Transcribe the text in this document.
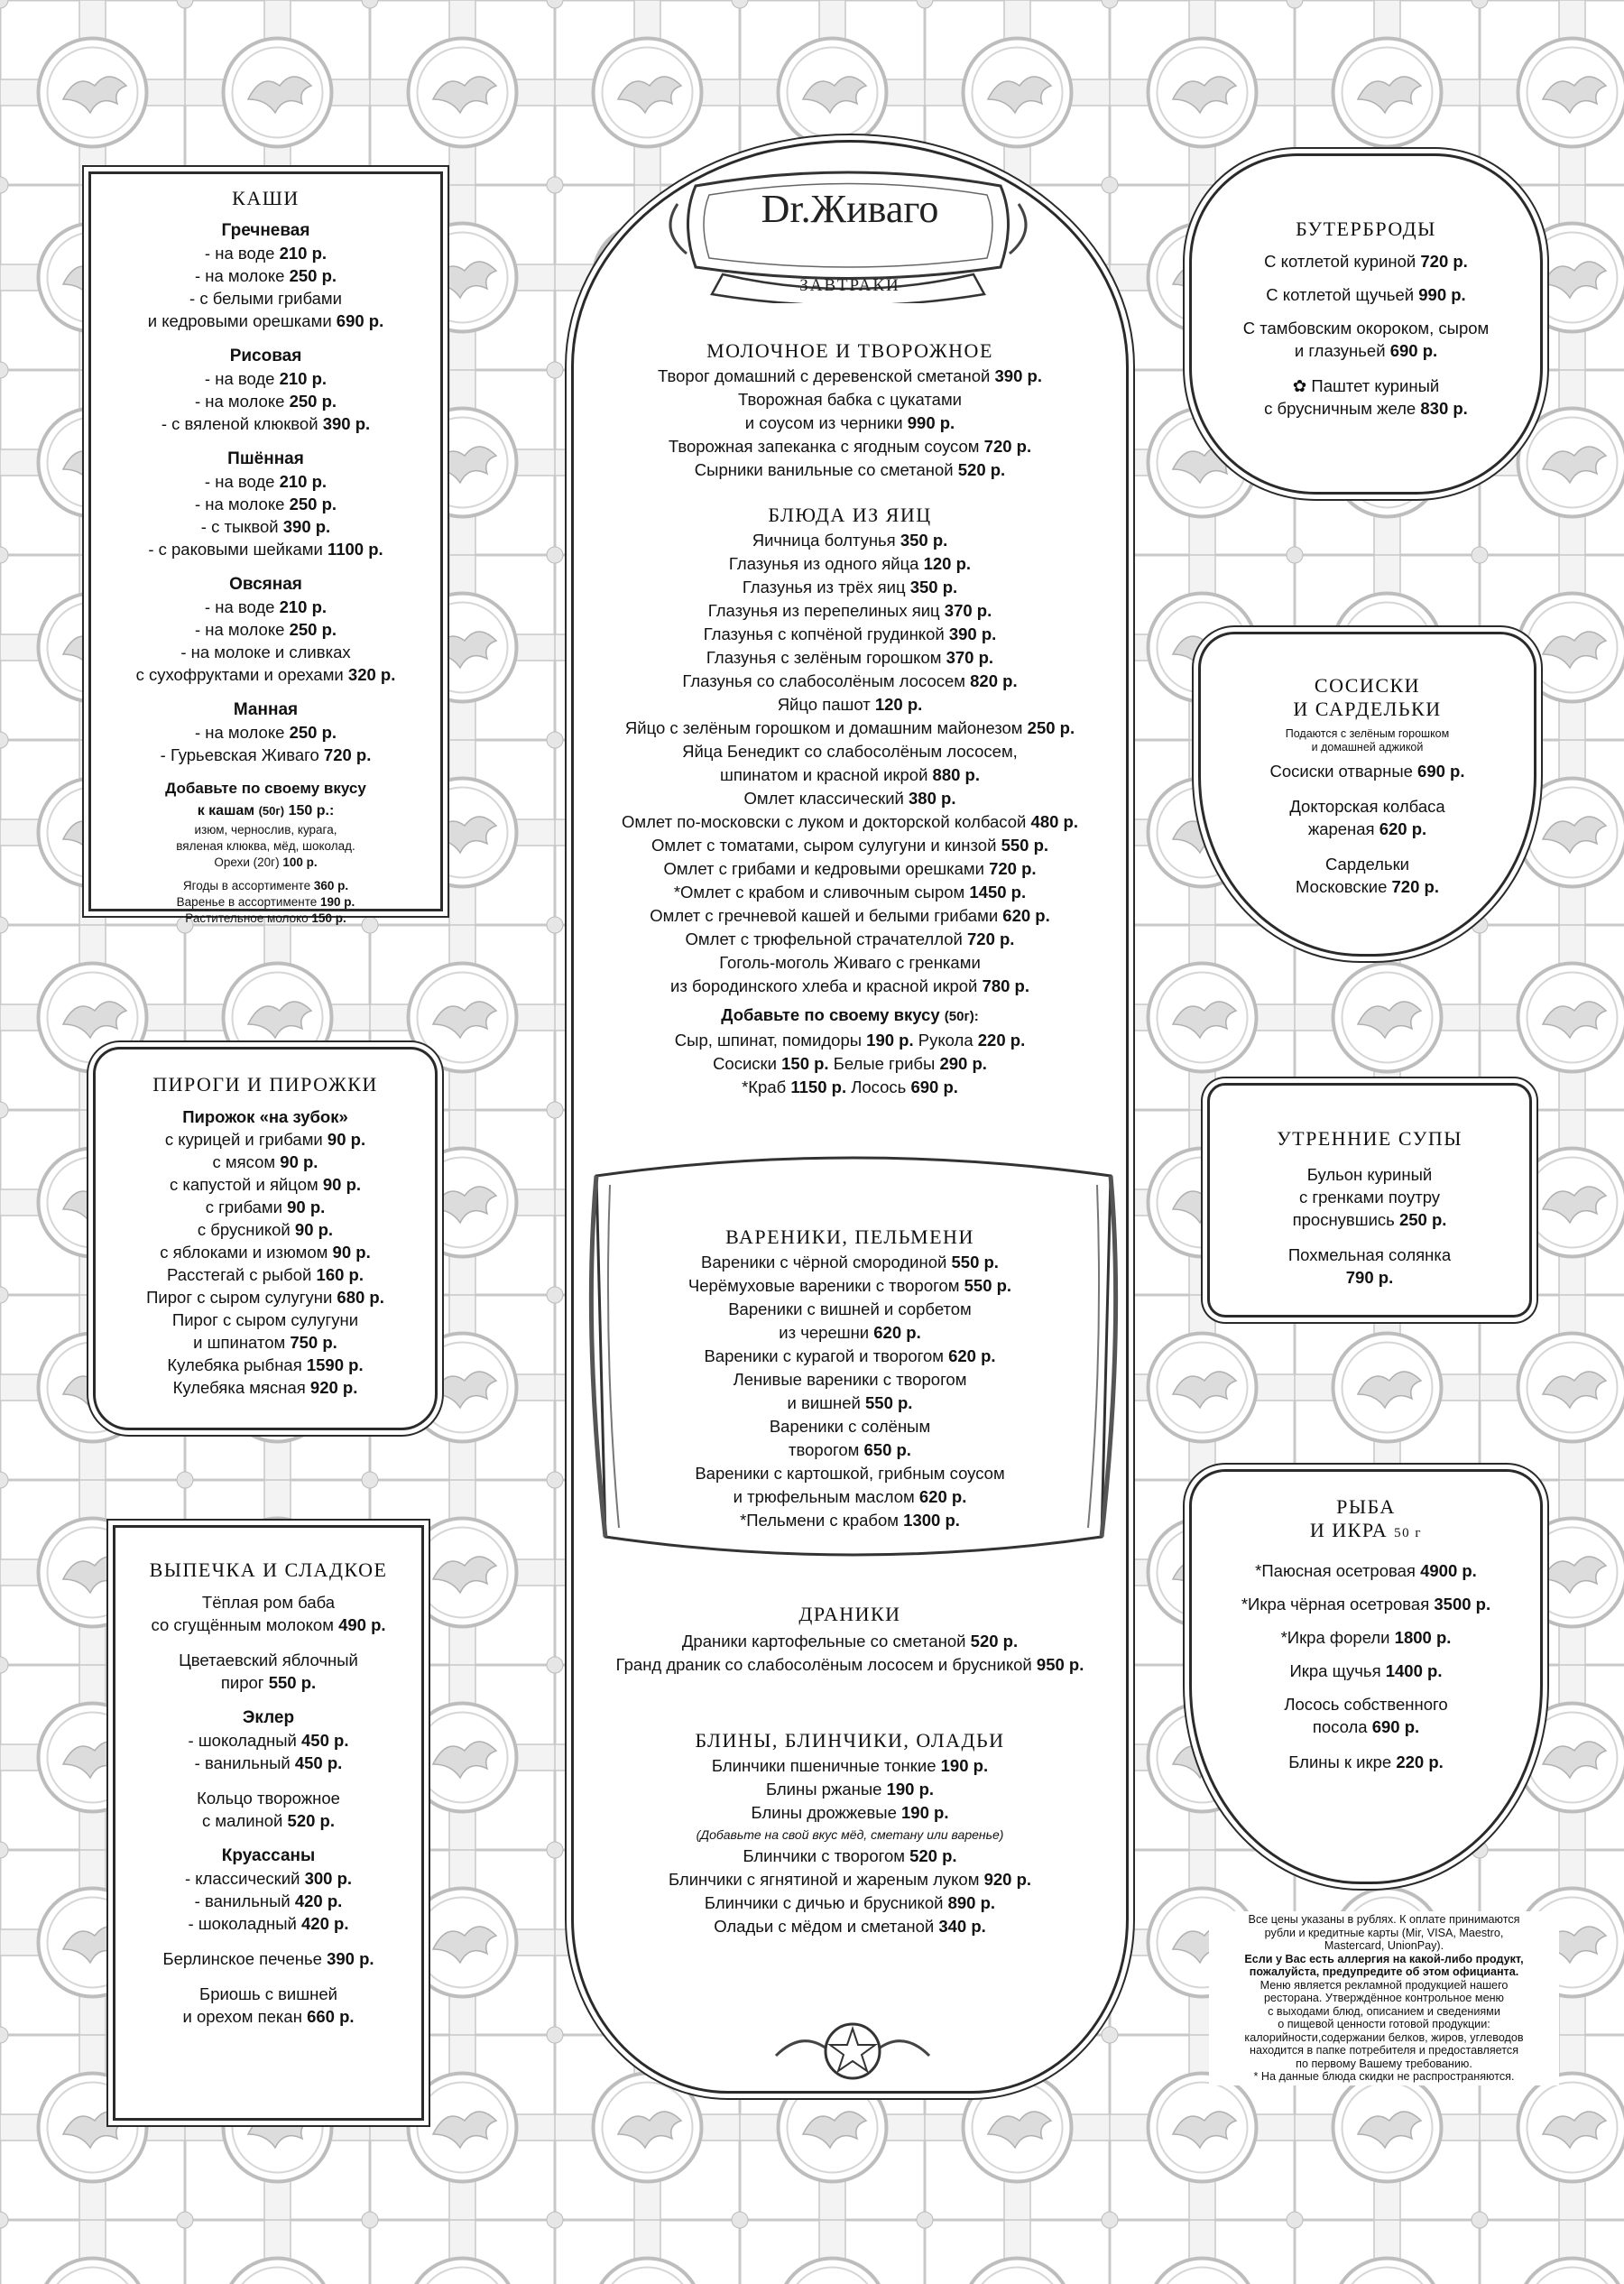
КАШИ
Гречневая
- на воде 210 р.
- на молоке 250 р.
- с белыми грибами
и кедровыми орешками 690 р.
Рисовая
- на воде 210 р.
- на молоке 250 р.
- с вяленой клюквой 390 р.
Пшённая
- на воде 210 р.
- на молоке 250 р.
- с тыквой 390 р.
- с раковыми шейками 1100 р.
Овсяная
- на воде 210 р.
- на молоке 250 р.
- на молоке и сливках
с сухофруктами и орехами 320 р.
Манная
- на молоке 250 р.
- Гурьевская Живаго 720 р.
Добавьте по своему вкусу
к кашам (50г) 150 р.:
изюм, чернослив, курага,
вяленая клюква, мёд, шоколад.
Орехи (20г) 100 р.
Ягоды в ассортименте 360 р.
Варенье в ассортименте 190 р.
Растительное молоко 150 р.
ПИРОГИ И ПИРОЖКИ
Пирожок «на зубок»
с курицей и грибами 90 р.
с мясом 90 р.
с капустой и яйцом 90 р.
с грибами 90 р.
с брусникой 90 р.
с яблоками и изюмом 90 р.
Расстегай с рыбой 160 р.
Пирог с сыром сулугуни 680 р.
Пирог с сыром сулугуни
и шпинатом 750 р.
Кулебяка рыбная 1590 р.
Кулебяка мясная 920 р.
ВЫПЕЧКА И СЛАДКОЕ
Тёплая ром баба
со сгущённым молоком 490 р.
Цветаевский яблочный
пирог 550 р.
Эклер
- шоколадный 450 р.
- ванильный 450 р.
Кольцо творожное
с малиной 520 р.
Круассаны
- классический 300 р.
- ванильный 420 р.
- шоколадный 420 р.
Берлинское печенье 390 р.
Бриошь с вишней
и орехом пекан 660 р.
Dr.Живаго
ЗАВТРАКИ
МОЛОЧНОЕ И ТВОРОЖНОЕ
Творог домашний с деревенской сметаной 390 р.
Творожная бабка с цукатами
и соусом из черники 990 р.
Творожная запеканка с ягодным соусом 720 р.
Сырники ванильные со сметаной 520 р.
БЛЮДА ИЗ ЯИЦ
Яичница болтунья 350 р.
Глазунья из одного яйца 120 р.
Глазунья из трёх яиц 350 р.
Глазунья из перепелиных яиц 370 р.
Глазунья с копчёной грудинкой 390 р.
Глазунья с зелёным горошком 370 р.
Глазунья со слабосолёным лососем 820 р.
Яйцо пашот 120 р.
Яйцо с зелёным горошком и домашним майонезом 250 р.
Яйца Бенедикт со слабосолёным лососем,
шпинатом и красной икрой 880 р.
Омлет классический 380 р.
Омлет по-московски с луком и докторской колбасой 480 р.
Омлет с томатами, сыром сулугуни и кинзой 550 р.
Омлет с грибами и кедровыми орешками 720 р.
*Омлет с крабом и сливочным сыром 1450 р.
Омлет с гречневой кашей и белыми грибами 620 р.
Омлет с трюфельной страчателлой 720 р.
Гоголь-моголь Живаго с гренками
из бородинского хлеба и красной икрой 780 р.
Добавьте по своему вкусу (50г):
Сыр, шпинат, помидоры 190 р. Рукола 220 р.
Сосиски 150 р. Белые грибы 290 р.
*Краб 1150 р. Лосось 690 р.
ВАРЕНИКИ, ПЕЛЬМЕНИ
Вареники с чёрной смородиной 550 р.
Черёмуховые вареники с творогом 550 р.
Вареники с вишней и сорбетом
из черешни 620 р.
Вареники с курагой и творогом 620 р.
Ленивые вареники с творогом
и вишней 550 р.
Вареники с солёным
творогом 650 р.
Вареники с картошкой, грибным соусом
и трюфельным маслом 620 р.
*Пельмени с крабом 1300 р.
ДРАНИКИ
Драники картофельные со сметаной 520 р.
Гранд драник со слабосолёным лососем и брусникой 950 р.
БЛИНЫ, БЛИНЧИКИ, ОЛАДЬИ
Блинчики пшеничные тонкие 190 р.
Блины ржаные 190 р.
Блины дрожжевые 190 р.
(Добавьте на свой вкус мёд, сметану или варенье)
Блинчики с творогом 520 р.
Блинчики с ягнятиной и жареным луком 920 р.
Блинчики с дичью и брусникой 890 р.
Оладьи с мёдом и сметаной 340 р.
БУТЕРБРОДЫ
С котлетой куриной 720 р.
С котлетой щучьей 990 р.
С тамбовским окороком, сыром
и глазуньей 690 р.
✿ Паштет куриный
с брусничным желе 830 р.
СОСИСКИ
И САРДЕЛЬКИ
Подаются с зелёным горошком
и домашней аджикой
Сосиски отварные 690 р.
Докторская колбаса
жареная 620 р.
Сардельки
Московские 720 р.
УТРЕННИЕ СУПЫ
Бульон куриный
с гренками поутру
проснувшись 250 р.
Похмельная солянка
790 р.
РЫБА
И ИКРА 50 г
*Паюсная осетровая 4900 р.
*Икра чёрная осетровая 3500 р.
*Икра форели 1800 р.
Икра щучья 1400 р.
Лосось собственного
посола 690 р.
Блины к икре 220 р.
Все цены указаны в рублях. К оплате принимаются
рубли и кредитные карты (Mir, VISA, Maestro,
Mastercard, UnionPay).
Если у Вас есть аллергия на какой-либо продукт,
пожалуйста, предупредите об этом официанта.
Меню является рекламной продукцией нашего
ресторана. Утверждённое контрольное меню
с выходами блюд, описанием и сведениями
о пищевой ценности готовой продукции:
калорийности,содержании белков, жиров, углеводов
находится в папке потребителя и предоставляется
по первому Вашему требованию.
* На данные блюда скидки не распространяются.
